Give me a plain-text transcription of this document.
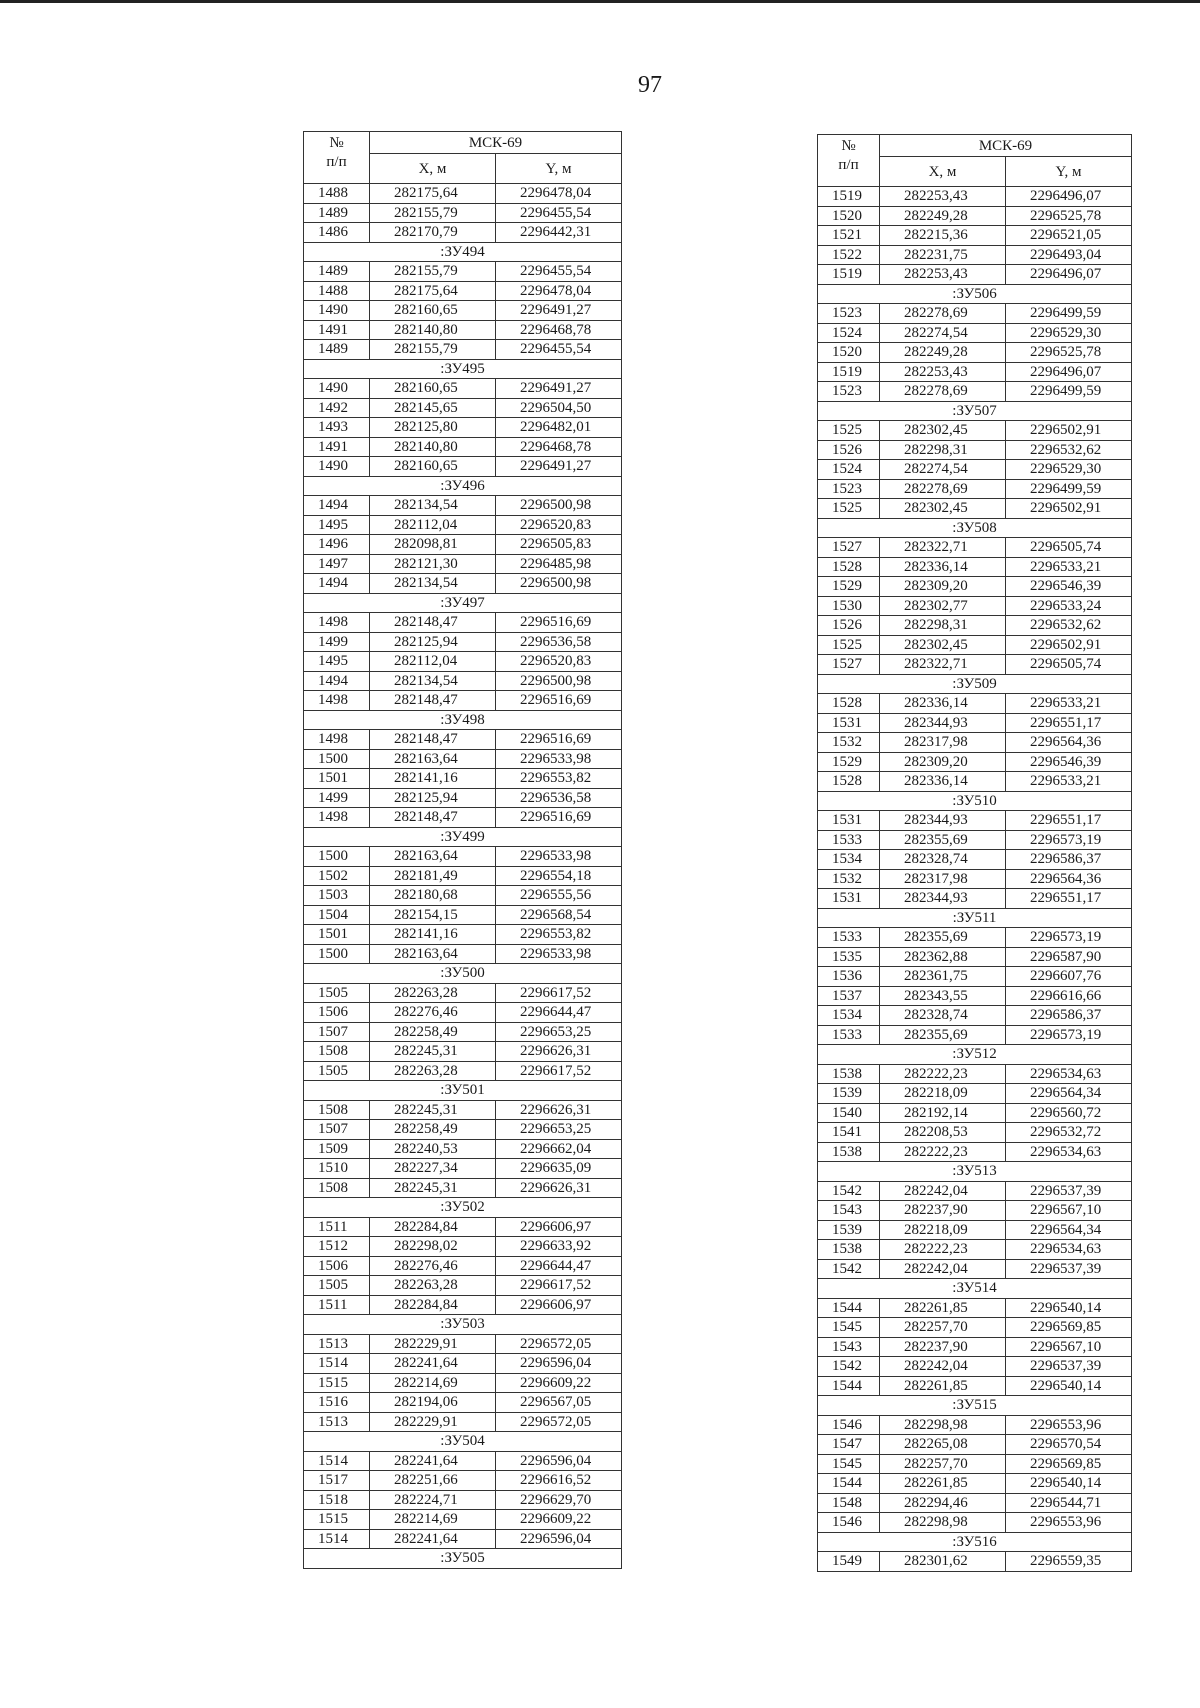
97
№
п/п	МСК-69	
	X, м	Y, м
1488	282175,64	2296478,04
1489	282155,79	2296455,54
1486	282170,79	2296442,31
:ЗУ494		
1489	282155,79	2296455,54
1488	282175,64	2296478,04
1490	282160,65	2296491,27
1491	282140,80	2296468,78
1489	282155,79	2296455,54
:ЗУ495		
1490	282160,65	2296491,27
1492	282145,65	2296504,50
1493	282125,80	2296482,01
1491	282140,80	2296468,78
1490	282160,65	2296491,27
:ЗУ496		
1494	282134,54	2296500,98
1495	282112,04	2296520,83
1496	282098,81	2296505,83
1497	282121,30	2296485,98
1494	282134,54	2296500,98
:ЗУ497		
1498	282148,47	2296516,69
1499	282125,94	2296536,58
1495	282112,04	2296520,83
1494	282134,54	2296500,98
1498	282148,47	2296516,69
:ЗУ498		
1498	282148,47	2296516,69
1500	282163,64	2296533,98
1501	282141,16	2296553,82
1499	282125,94	2296536,58
1498	282148,47	2296516,69
:ЗУ499		
1500	282163,64	2296533,98
1502	282181,49	2296554,18
1503	282180,68	2296555,56
1504	282154,15	2296568,54
1501	282141,16	2296553,82
1500	282163,64	2296533,98
:ЗУ500		
1505	282263,28	2296617,52
1506	282276,46	2296644,47
1507	282258,49	2296653,25
1508	282245,31	2296626,31
1505	282263,28	2296617,52
:ЗУ501		
1508	282245,31	2296626,31
1507	282258,49	2296653,25
1509	282240,53	2296662,04
1510	282227,34	2296635,09
1508	282245,31	2296626,31
:ЗУ502		
1511	282284,84	2296606,97
1512	282298,02	2296633,92
1506	282276,46	2296644,47
1505	282263,28	2296617,52
1511	282284,84	2296606,97
:ЗУ503		
1513	282229,91	2296572,05
1514	282241,64	2296596,04
1515	282214,69	2296609,22
1516	282194,06	2296567,05
1513	282229,91	2296572,05
:ЗУ504		
1514	282241,64	2296596,04
1517	282251,66	2296616,52
1518	282224,71	2296629,70
1515	282214,69	2296609,22
1514	282241,64	2296596,04
:ЗУ505		
№
п/п	МСК-69	
	X, м	Y, м
1519	282253,43	2296496,07
1520	282249,28	2296525,78
1521	282215,36	2296521,05
1522	282231,75	2296493,04
1519	282253,43	2296496,07
:ЗУ506		
1523	282278,69	2296499,59
1524	282274,54	2296529,30
1520	282249,28	2296525,78
1519	282253,43	2296496,07
1523	282278,69	2296499,59
:ЗУ507		
1525	282302,45	2296502,91
1526	282298,31	2296532,62
1524	282274,54	2296529,30
1523	282278,69	2296499,59
1525	282302,45	2296502,91
:ЗУ508		
1527	282322,71	2296505,74
1528	282336,14	2296533,21
1529	282309,20	2296546,39
1530	282302,77	2296533,24
1526	282298,31	2296532,62
1525	282302,45	2296502,91
1527	282322,71	2296505,74
:ЗУ509		
1528	282336,14	2296533,21
1531	282344,93	2296551,17
1532	282317,98	2296564,36
1529	282309,20	2296546,39
1528	282336,14	2296533,21
:ЗУ510		
1531	282344,93	2296551,17
1533	282355,69	2296573,19
1534	282328,74	2296586,37
1532	282317,98	2296564,36
1531	282344,93	2296551,17
:ЗУ511		
1533	282355,69	2296573,19
1535	282362,88	2296587,90
1536	282361,75	2296607,76
1537	282343,55	2296616,66
1534	282328,74	2296586,37
1533	282355,69	2296573,19
:ЗУ512		
1538	282222,23	2296534,63
1539	282218,09	2296564,34
1540	282192,14	2296560,72
1541	282208,53	2296532,72
1538	282222,23	2296534,63
:ЗУ513		
1542	282242,04	2296537,39
1543	282237,90	2296567,10
1539	282218,09	2296564,34
1538	282222,23	2296534,63
1542	282242,04	2296537,39
:ЗУ514		
1544	282261,85	2296540,14
1545	282257,70	2296569,85
1543	282237,90	2296567,10
1542	282242,04	2296537,39
1544	282261,85	2296540,14
:ЗУ515		
1546	282298,98	2296553,96
1547	282265,08	2296570,54
1545	282257,70	2296569,85
1544	282261,85	2296540,14
1548	282294,46	2296544,71
1546	282298,98	2296553,96
:ЗУ516		
1549	282301,62	2296559,35
